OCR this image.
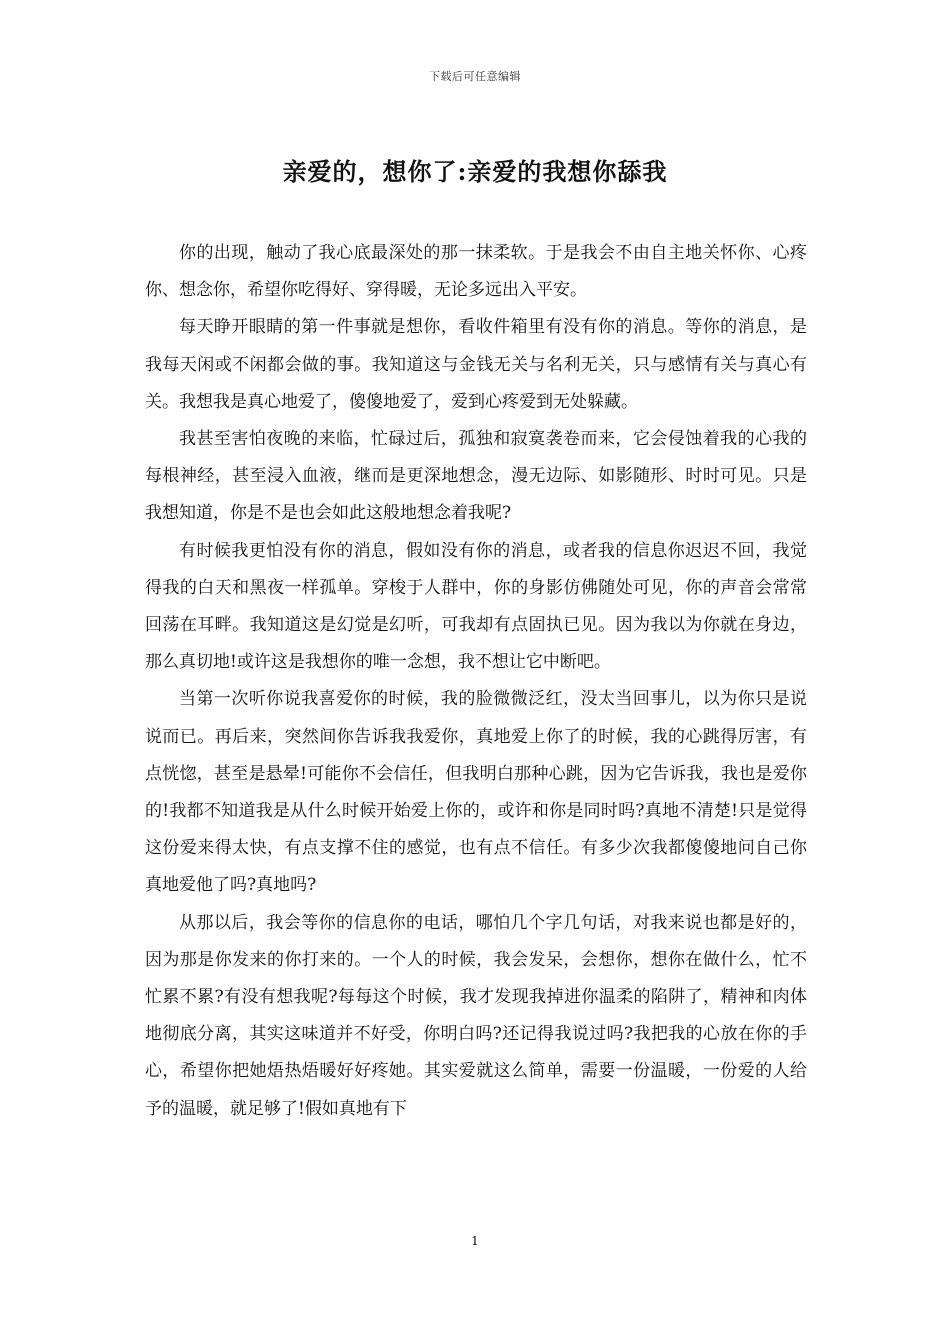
下载后可任意编辑
亲爱的，想你了:亲爱的我想你舔我

你的出现，触动了我心底最深处的那一抹柔软。于是我会不由自主地关怀你、心疼你、想念你，希望你吃得好、穿得暖，无论多远出入平安。

每天睁开眼睛的第一件事就是想你，看收件箱里有没有你的消息。等你的消息，是我每天闲或不闲都会做的事。我知道这与金钱无关与名利无关，只与感情有关与真心有关。我想我是真心地爱了，傻傻地爱了，爱到心疼爱到无处躲藏。

我甚至害怕夜晚的来临，忙碌过后，孤独和寂寞袭卷而来，它会侵蚀着我的心我的每根神经，甚至浸入血液，继而是更深地想念，漫无边际、如影随形、时时可见。只是我想知道，你是不是也会如此这般地想念着我呢?

有时候我更怕没有你的消息，假如没有你的消息，或者我的信息你迟迟不回，我觉得我的白天和黑夜一样孤单。穿梭于人群中，你的身影仿佛随处可见，你的声音会常常回荡在耳畔。我知道这是幻觉是幻听，可我却有点固执已见。因为我以为你就在身边，那么真切地!或许这是我想你的唯一念想，我不想让它中断吧。

当第一次听你说我喜爱你的时候，我的脸微微泛红，没太当回事儿，以为你只是说说而已。再后来，突然间你告诉我我爱你，真地爱上你了的时候，我的心跳得厉害，有点恍惚，甚至是悬晕!可能你不会信任，但我明白那种心跳，因为它告诉我，我也是爱你的!我都不知道我是从什么时候开始爱上你的，或许和你是同时吗?真地不清楚!只是觉得这份爱来得太快，有点支撑不住的感觉，也有点不信任。有多少次我都傻傻地问自己你真地爱他了吗?真地吗?

从那以后，我会等你的信息你的电话，哪怕几个字几句话，对我来说也都是好的，因为那是你发来的你打来的。一个人的时候，我会发呆，会想你，想你在做什么，忙不忙累不累?有没有想我呢?每每这个时候，我才发现我掉进你温柔的陷阱了，精神和肉体地彻底分离，其实这味道并不好受，你明白吗?还记得我说过吗?我把我的心放在你的手心，希望你把她焐热焐暖好好疼她。其实爱就这么简单，需要一份温暖，一份爱的人给予的温暖，就足够了!假如真地有下

1
